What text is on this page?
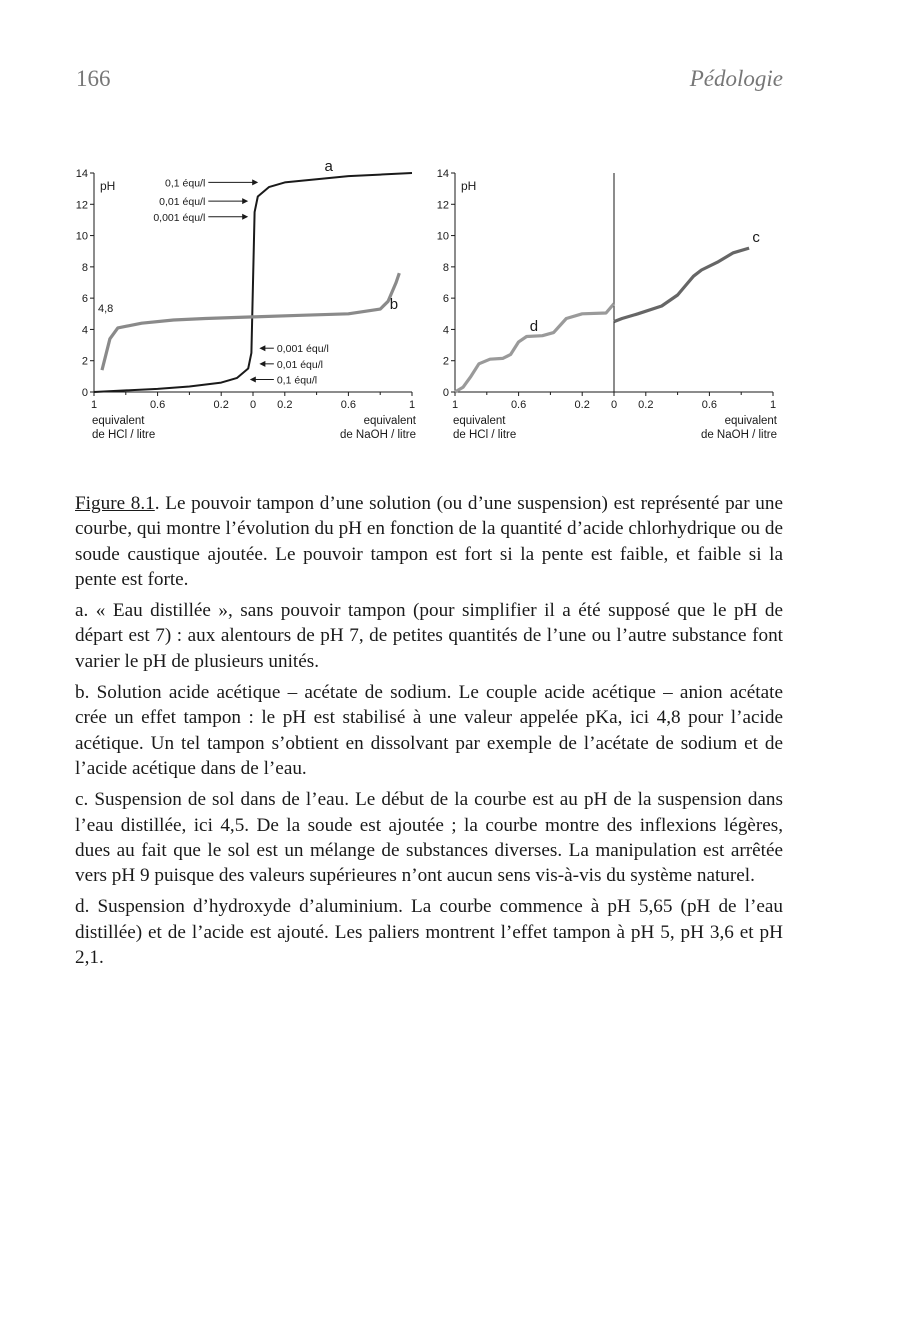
166	Pédologie
0
2
4
6
8
10
12
14
pH
1	0.6	0.2 0 0.2	0.6	1
equivalent
de HCl / litre
equivalent
de NaOH / litre
a
b
4,8
0,1 équ/l
0,01 équ/l
0,001 équ/l
0,001 équ/l
0,01 équ/l
0,1 équ/l
0
2
4
6
8
10
12
14
pH
1	0.6	0.2 0 0.2	0.6	1
equivalent
de HCl / litre
equivalent
de NaOH / litre
c
d

Figure 8.1. Le pouvoir tampon d’une solution (ou d’une suspension) est représenté par une courbe, qui montre l’évolution du pH en fonction de la quantité d’acide chlorhydrique ou de soude caustique ajoutée. Le pouvoir tampon est fort si la pente est faible, et faible si la pente est forte.

a. « Eau distillée », sans pouvoir tampon (pour simplifier il a été supposé que le pH de départ est 7) : aux alentours de pH 7, de petites quantités de l’une ou l’autre substance font varier le pH de plusieurs unités.

b. Solution acide acétique – acétate de sodium. Le couple acide acétique – anion acétate crée un effet tampon : le pH est stabilisé à une valeur appelée pKa, ici 4,8 pour l’acide acétique. Un tel tampon s’obtient en dissolvant par exemple de l’acétate de sodium et de l’acide acétique dans de l’eau.

c. Suspension de sol dans de l’eau. Le début de la courbe est au pH de la suspension dans l’eau distillée, ici 4,5. De la soude est ajoutée ; la courbe montre des inflexions légères, dues au fait que le sol est un mélange de substances diverses. La manipulation est arrêtée vers pH 9 puisque des valeurs supérieures n’ont aucun sens vis-à-vis du système naturel.

d. Suspension d’hydroxyde d’aluminium. La courbe commence à pH 5,65 (pH de l’eau distillée) et de l’acide est ajouté. Les paliers montrent l’effet tampon à pH 5, pH 3,6 et pH 2,1.
